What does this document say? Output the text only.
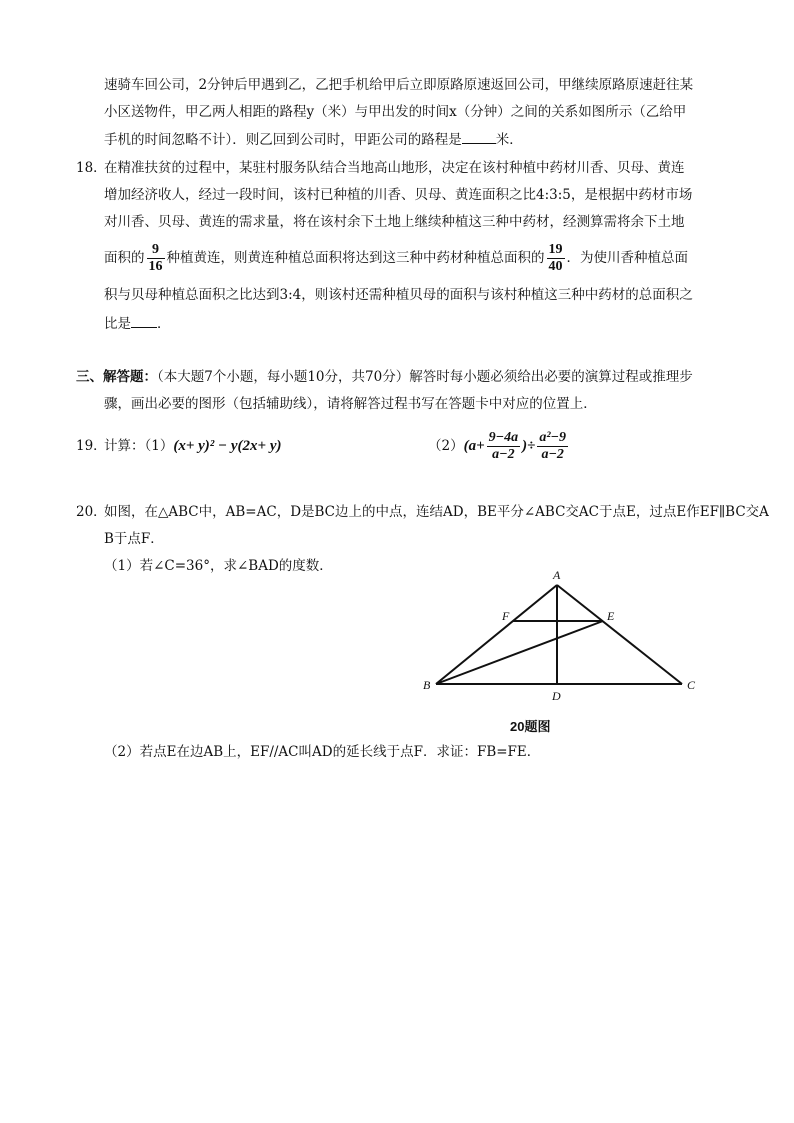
速骑车回公司，2分钟后甲遇到乙，乙把手机给甲后立即原路原速返回公司，甲继续原路原速赶往某
小区送物件，甲乙两人相距的路程y（米）与甲出发的时间x（分钟）之间的关系如图所示（乙给甲
手机的时间忽略不计）．则乙回到公司时，甲距公司的路程是	米．
18．
在精准扶贫的过程中，某驻村服务队结合当地高山地形，决定在该村种植中药材川香、贝母、黄连
增加经济收人，经过一段时间，该村已种植的川香、贝母、黄连面积之比4:3:5，是根据中药材市场
对川香、贝母、黄连的需求量，将在该村余下土地上继续种植这三种中药材，经测算需将余下土地
面积的 $\frac{9}{16}$ 种植黄连，则黄连种植总面积将达到这三种中药材种植总面积的 $\frac{19}{40}$ ．为使川香种植总面
积与贝母种植总面积之比达到3:4，则该村还需种植贝母的面积与该村种植这三种中药材的总面积之
比是 ．
三、解答题：（本大题7个小题，每小题10分，共70分）解答时每小题必须给出必要的演算过程或推理步
骤，画出必要的图形（包括辅助线），请将解答过程书写在答题卡中对应的位置上．
19．
计算：（1）(x+ y)² − y(2x+ y)	$(2)(a+ \frac{9-4a}{a-2}$ )÷ $\frac{\text{a²−9}}{a-2}$
20．
如图，在△ABC中，AB=AC，D是BC边上的中点，连结AD，BE平分∠ABC交AC于点E，过点E作EF∥BC交A
B于点F．
（1）若∠C=36°，求∠BAD的度数．
A
F	E
B
D
C
20题图
（2）若点E在边AB上，EF//AC叫AD的延长线于点F．求证：FB=FE．
